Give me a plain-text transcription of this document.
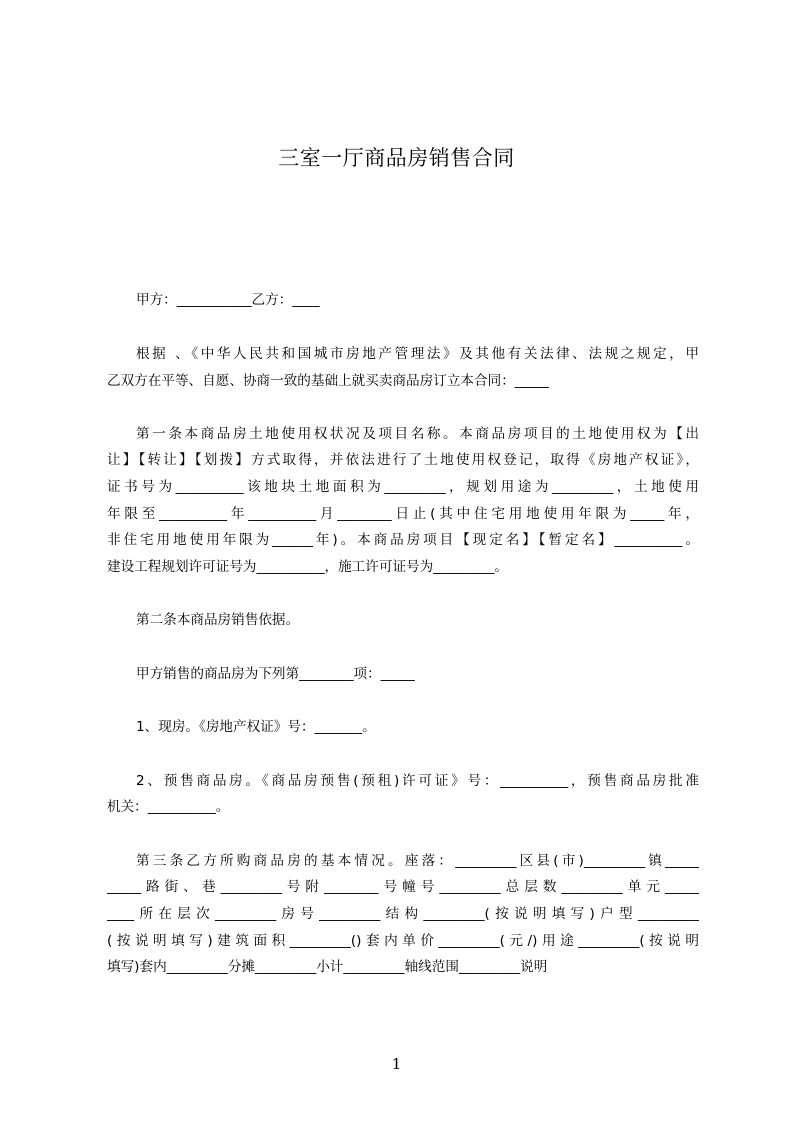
三室一厅商品房销售合同
甲方：___________乙方：____
根据 、《中华人民共和国城市房地产管理法》及其他有关法律、法规之规定，甲
乙双方在平等、自愿、协商一致的基础上就买卖商品房订立本合同：_____
第一条本商品房土地使用权状况及项目名称。本商品房项目的土地使用权为【出
让】【转让】【划拨】方式取得，并依法进行了土地使用权登记，取得《房地产权证》，
证书号为__________该地块土地面积为_________，规划用途为_________，土地使用
年限至__________年__________月________日止(其中住宅用地使用年限为_____年，
非住宅用地使用年限为______年)。本商品房项目【现定名】【暂定名】__________。
建设工程规划许可证号为__________，施工许可证号为_________。
第二条本商品房销售依据。
甲方销售的商品房为下列第________项：_____
1、现房。《房地产权证》号：_______。
2、预售商品房。《商品房预售(预租)许可证》号：__________，预售商品房批准
机关：__________。
第三条乙方所购商品房的基本情况。座落：_________区县(市)_________镇_____
_____路街、巷_________号附________号幢号_________总层数_________单元_____
____所在层次_________房号_________结构_________(按说明填写)户型_________
(按说明填写)建筑面积_________()套内单价_________(元/)用途_________(按说明
填写)套内_________分摊_________小计_________轴线范围_________说明
1
